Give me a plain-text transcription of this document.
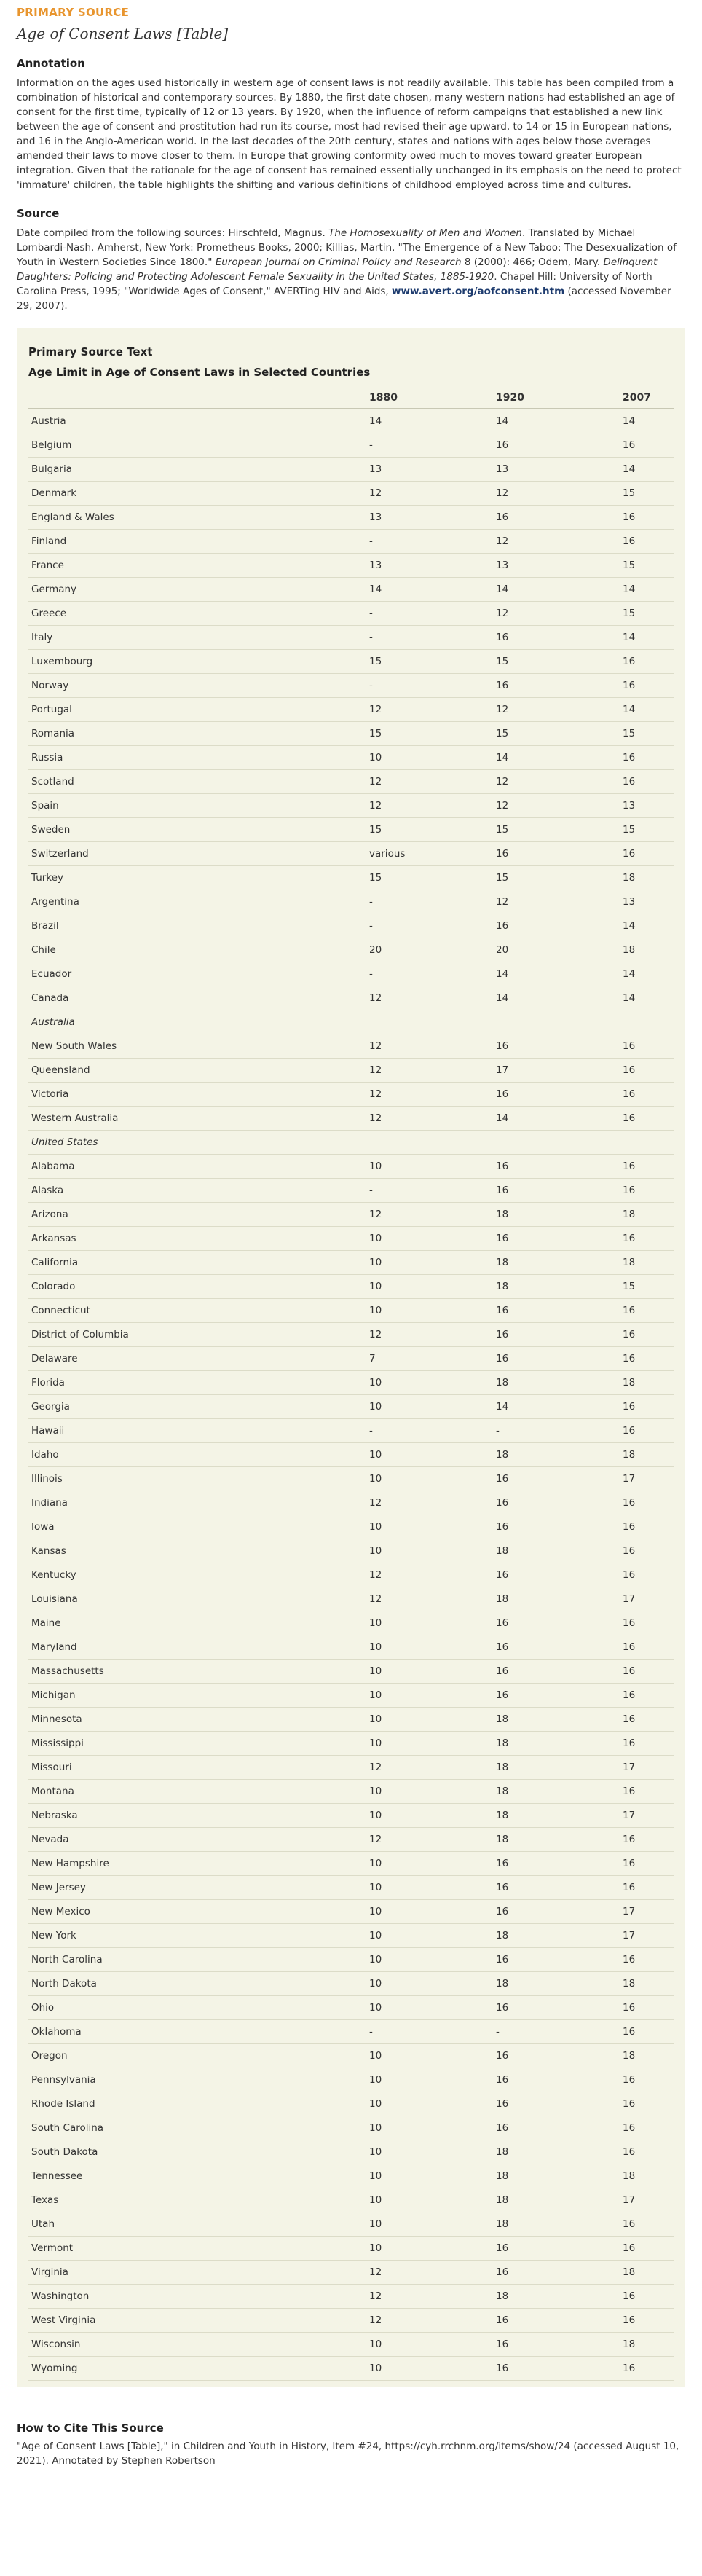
PRIMARY SOURCE
Age of Consent Laws [Table]
Annotation

Information on the ages used historically in western age of consent laws is not readily available. This table has been compiled from a combination of historical and contemporary sources. By 1880, the first date chosen, many western nations had established an age of consent for the first time, typically of 12 or 13 years. By 1920, when the influence of reform campaigns that established a new link between the age of consent and prostitution had run its course, most had revised their age upward, to 14 or 15 in European nations, and 16 in the Anglo-American world. In the last decades of the 20th century, states and nations with ages below those averages amended their laws to move closer to them. In Europe that growing conformity owed much to moves toward greater European integration. Given that the rationale for the age of consent has remained essentially unchanged in its emphasis on the need to protect 'immature' children, the table highlights the shifting and various definitions of childhood employed across time and cultures.

Source

Date compiled from the following sources: Hirschfeld, Magnus. The Homosexuality of Men and Women. Translated by Michael Lombardi-Nash. Amherst, New York: Prometheus Books, 2000; Killias, Martin. "The Emergence of a New Taboo: The Desexualization of Youth in Western Societies Since 1800." European Journal on Criminal Policy and Research 8 (2000): 466; Odem, Mary. Delinquent Daughters: Policing and Protecting Adolescent Female Sexuality in the United States, 1885-1920. Chapel Hill: University of North Carolina Press, 1995; "Worldwide Ages of Consent," AVERTing HIV and Aids, www.avert.org/aofconsent.htm (accessed November 29, 2007).

Primary Source Text
Age Limit in Age of Consent Laws in Selected Countries
	1880	1920	2007
Austria	14	14	14
Belgium	-	16	16
Bulgaria	13	13	14
Denmark	12	12	15
England & Wales	13	16	16
Finland	-	12	16
France	13	13	15
Germany	14	14	14
Greece	-	12	15
Italy	-	16	14
Luxembourg	15	15	16
Norway	-	16	16
Portugal	12	12	14
Romania	15	15	15
Russia	10	14	16
Scotland	12	12	16
Spain	12	12	13
Sweden	15	15	15
Switzerland	various	16	16
Turkey	15	15	18
Argentina	-	12	13
Brazil	-	16	14
Chile	20	20	18
Ecuador	-	14	14
Canada	12	14	14
Australia			
New South Wales	12	16	16
Queensland	12	17	16
Victoria	12	16	16
Western Australia	12	14	16
United States			
Alabama	10	16	16
Alaska	-	16	16
Arizona	12	18	18
Arkansas	10	16	16
California	10	18	18
Colorado	10	18	15
Connecticut	10	16	16
District of Columbia	12	16	16
Delaware	7	16	16
Florida	10	18	18
Georgia	10	14	16
Hawaii	-	-	16
Idaho	10	18	18
Illinois	10	16	17
Indiana	12	16	16
Iowa	10	16	16
Kansas	10	18	16
Kentucky	12	16	16
Louisiana	12	18	17
Maine	10	16	16
Maryland	10	16	16
Massachusetts	10	16	16
Michigan	10	16	16
Minnesota	10	18	16
Mississippi	10	18	16
Missouri	12	18	17
Montana	10	18	16
Nebraska	10	18	17
Nevada	12	18	16
New Hampshire	10	16	16
New Jersey	10	16	16
New Mexico	10	16	17
New York	10	18	17
North Carolina	10	16	16
North Dakota	10	18	18
Ohio	10	16	16
Oklahoma	-	-	16
Oregon	10	16	18
Pennsylvania	10	16	16
Rhode Island	10	16	16
South Carolina	10	16	16
South Dakota	10	18	16
Tennessee	10	18	18
Texas	10	18	17
Utah	10	18	16
Vermont	10	16	16
Virginia	12	16	18
Washington	12	18	16
West Virginia	12	16	16
Wisconsin	10	16	18
Wyoming	10	16	16
How to Cite This Source

"Age of Consent Laws [Table]," in Children and Youth in History, Item #24, https://cyh.rrchnm.org/items/show/24 (accessed August 10, 2021). Annotated by Stephen Robertson
